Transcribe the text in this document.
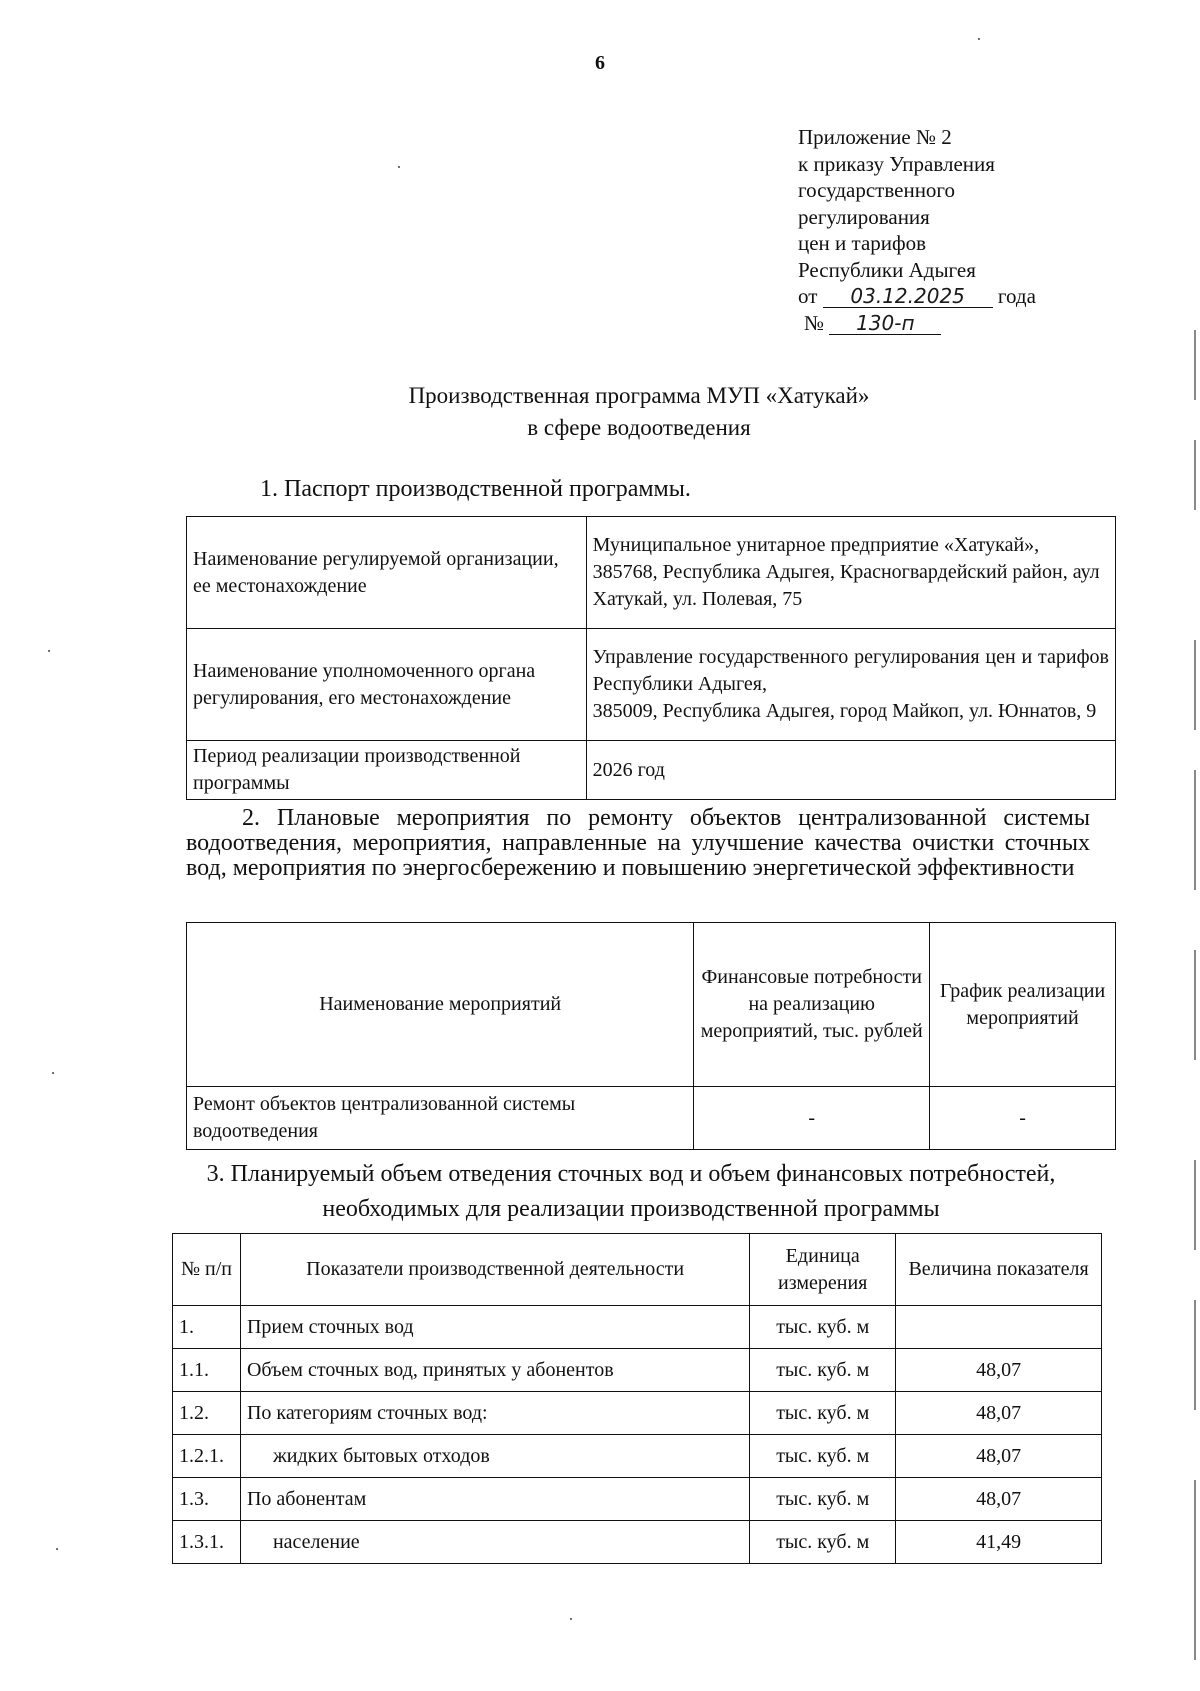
6
Приложение № 2
к приказу Управления
государственного
регулирования
цен и тарифов
Республики Адыгея
от 03.12.2025 года
№ 130-п
Производственная программа МУП «Хатукай»
в сфере водоотведения
1. Паспорт производственной программы.
Наименование регулируемой организации, ее местонахождение	Муниципальное унитарное предприятие «Хатукай»,
385768, Республика Адыгея, Красногвардейский район, аул Хатукай, ул. Полевая, 75

Наименование уполномоченного органа регулирования, его местонахождение	Управление государственного регулирования цен и тарифов Республики Адыгея,
385009, Республика Адыгея, город Майкоп, ул. Юннатов, 9

Период реализации производственной программы	2026 год
2. Плановые мероприятия по ремонту объектов централизованной системы водоотведения, мероприятия, направленные на улучшение качества очистки сточных вод, мероприятия по энергосбережению и повышению энергетической эффективности
Наименование мероприятий	Финансовые потребности на реализацию мероприятий, тыс. рублей	График реализации мероприятий
Ремонт объектов централизованной системы водоотведения	-	-
3. Планируемый объем отведения сточных вод и объем финансовых потребностей, необходимых для реализации производственной программы
№ п/п	Показатели производственной деятельности	Единица измерения	Величина показателя
1.	Прием сточных вод	тыс. куб. м	
1.1.	Объем сточных вод, принятых у абонентов	тыс. куб. м	48,07
1.2.	По категориям сточных вод:	тыс. куб. м	48,07
1.2.1.	жидких бытовых отходов	тыс. куб. м	48,07
1.3.	По абонентам	тыс. куб. м	48,07
1.3.1.	население	тыс. куб. м	41,49
